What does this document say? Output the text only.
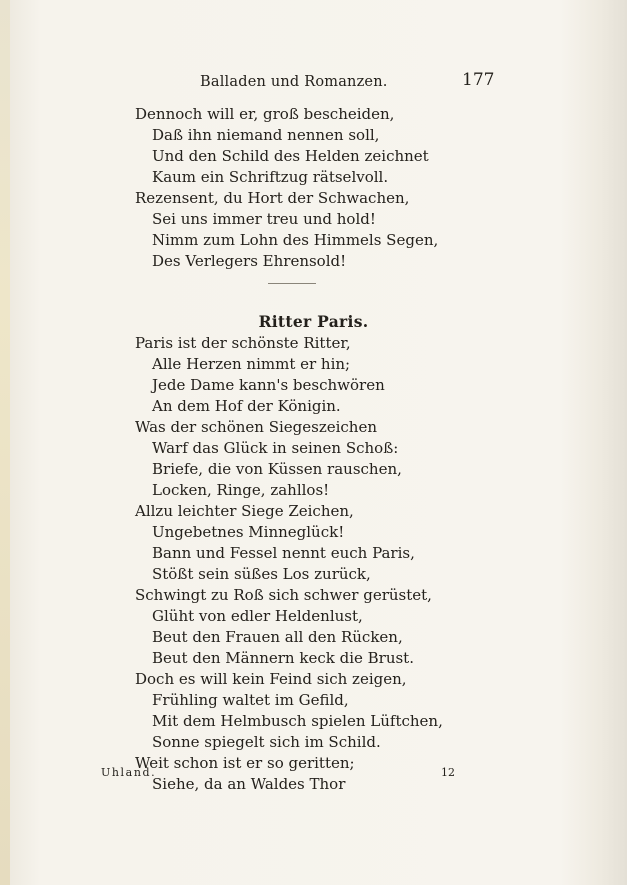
Balladen und Romanzen.	177
Dennoch will er, groß bescheiden,
Daß ihn niemand nennen soll,
Und den Schild des Helden zeichnet
Kaum ein Schriftzug rätselvoll.
Rezensent, du Hort der Schwachen,
Sei uns immer treu und hold!
Nimm zum Lohn des Himmels Segen,
Des Verlegers Ehrensold!
Ritter Paris.
Paris ist der schönste Ritter,
Alle Herzen nimmt er hin;
Jede Dame kann's beschwören
An dem Hof der Königin.
Was der schönen Siegeszeichen
Warf das Glück in seinen Schoß:
Briefe, die von Küssen rauschen,
Locken, Ringe, zahllos!
Allzu leichter Siege Zeichen,
Ungebetnes Minneglück!
Bann und Fessel nennt euch Paris,
Stößt sein süßes Los zurück,
Schwingt zu Roß sich schwer gerüstet,
Glüht von edler Heldenlust,
Beut den Frauen all den Rücken,
Beut den Männern keck die Brust.
Doch es will kein Feind sich zeigen,
Frühling waltet im Gefild,
Mit dem Helmbusch spielen Lüftchen,
Sonne spiegelt sich im Schild.
Weit schon ist er so geritten;
Siehe, da an Waldes Thor
Uhland.	12
